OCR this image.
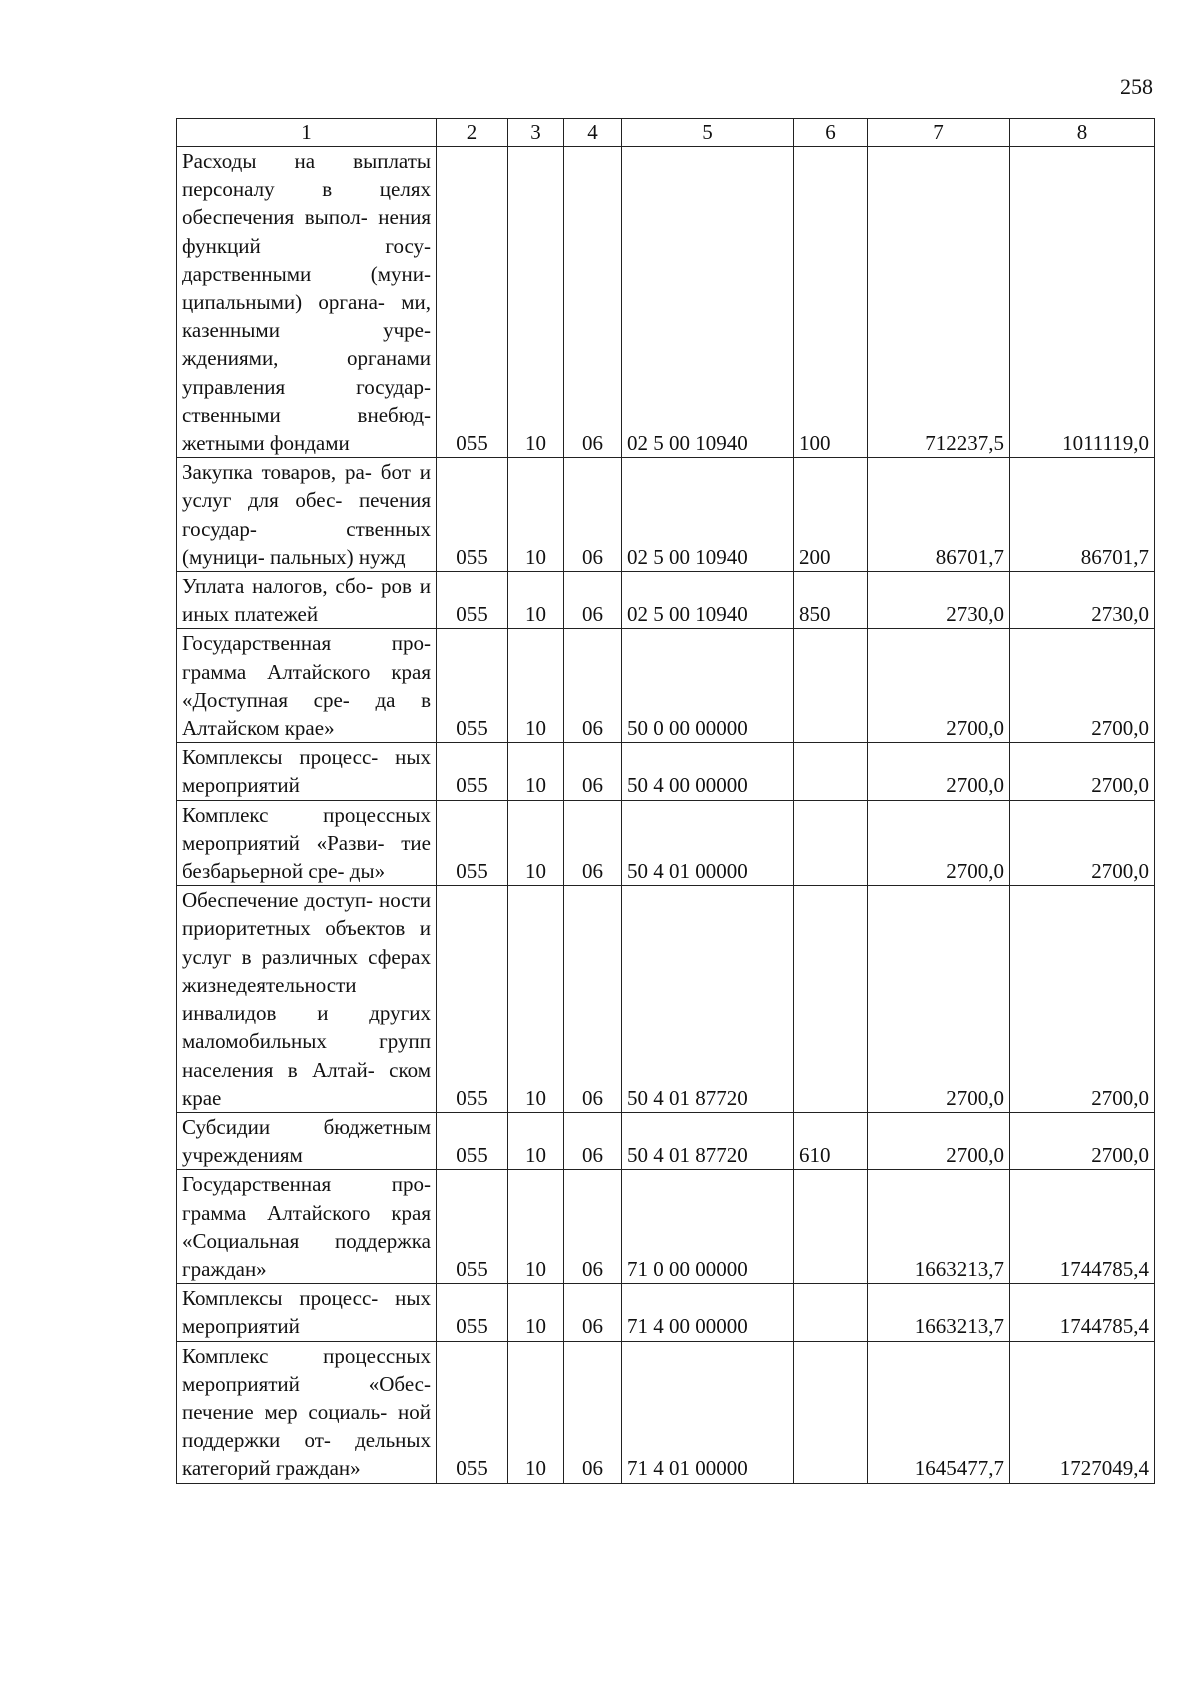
258
1	2	3	4	5	6	7	8
Расходы на выплаты персоналу в целях обеспечения выпол- нения функций госу- дарственными (муни- ципальными) органа- ми, казенными учре- ждениями, органами управления государ- ственными внебюд- жетными фондами	055	10	06	02 5 00 10940	100	712237,5	1011119,0
Закупка товаров, ра- бот и услуг для обес- печения государ- ственных (муници- пальных) нужд	055	10	06	02 5 00 10940	200	86701,7	86701,7
Уплата налогов, сбо- ров и иных платежей	055	10	06	02 5 00 10940	850	2730,0	2730,0
Государственная про- грамма Алтайского края «Доступная сре- да в Алтайском крае»	055	10	06	50 0 00 00000		2700,0	2700,0
Комплексы процесс- ных мероприятий	055	10	06	50 4 00 00000		2700,0	2700,0
Комплекс процессных мероприятий «Разви- тие безбарьерной сре- ды»	055	10	06	50 4 01 00000		2700,0	2700,0
Обеспечение доступ- ности приоритетных объектов и услуг в различных сферах жизнедеятельности инвалидов и других маломобильных групп населения в Алтай- ском крае	055	10	06	50 4 01 87720		2700,0	2700,0
Субсидии бюджетным учреждениям	055	10	06	50 4 01 87720	610	2700,0	2700,0
Государственная про- грамма Алтайского края «Социальная поддержка граждан»	055	10	06	71 0 00 00000		1663213,7	1744785,4
Комплексы процесс- ных мероприятий	055	10	06	71 4 00 00000		1663213,7	1744785,4
Комплекс процессных мероприятий «Обес- печение мер социаль- ной поддержки от- дельных категорий граждан»	055	10	06	71 4 01 00000		1645477,7	1727049,4
